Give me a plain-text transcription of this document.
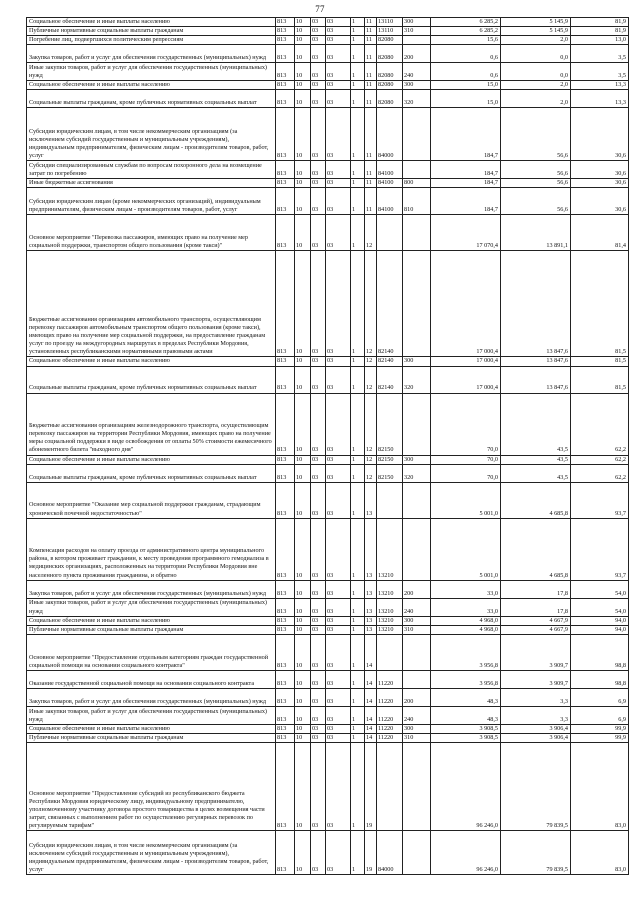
77
Социальное обеспечение и иные выплаты населению	813	10	03	03	1	11	13110	300	6 285,2	5 145,9	81,9
Публичные нормативные социальные выплаты гражданам	813	10	03	03	1	11	13110	310	6 285,2	5 145,9	81,9
Погребение лиц, подвергшихся политическим репрессиям	813	10	03	03	1	11	82080		15,6	2,0	13,0
Закупка товаров, работ и услуг для обеспечения государственных (муниципальных) нужд	813	10	03	03	1	11	82080	200	0,6	0,0	3,5
Иные закупки товаров, работ и услуг для обеспечения государственных (муниципальных) нужд	813	10	03	03	1	11	82080	240	0,6	0,0	3,5
Социальное обеспечение и иные выплаты населению	813	10	03	03	1	11	82080	300	15,0	2,0	13,3
Социальные выплаты гражданам, кроме публичных нормативных социальных выплат	813	10	03	03	1	11	82080	320	15,0	2,0	13,3
Субсидии юридическим лицам, в том числе некоммерческим организациям (за исключением субсидий государственным и муниципальным учреждениям), индивидуальным предпринимателям, физическим лицам - производителям товаров, работ, услуг	813	10	03	03	1	11	84000		184,7	56,6	30,6
Субсидии специализированным службам по вопросам похоронного дела на возмещение затрат по погребению	813	10	03	03	1	11	84100		184,7	56,6	30,6
Иные бюджетные ассигнования	813	10	03	03	1	11	84100	800	184,7	56,6	30,6
Субсидии юридическим лицам (кроме некоммерческих организаций), индивидуальным предпринимателям, физическим лицам - производителям товаров, работ, услуг	813	10	03	03	1	11	84100	810	184,7	56,6	30,6
Основное мероприятие "Перевозка пассажиров, имеющих право на получение мер социальной поддержки, транспортом общего пользования (кроме такси)"	813	10	03	03	1	12			17 070,4	13 891,1	81,4
Бюджетные ассигнования организациям автомобильного транспорта, осуществляющим перевозку пассажиров автомобильным транспортом общего пользования (кроме такси), имеющих право на получение мер социальной поддержки, на предоставление гражданам услуг по проезду на междугородных маршрутах в пределах Республики Мордовия, установленных республиканскими нормативными правовыми актами	813	10	03	03	1	12	82140		17 000,4	13 847,6	81,5
Социальное обеспечение и иные выплаты населению	813	10	03	03	1	12	82140	300	17 000,4	13 847,6	81,5
Социальные выплаты гражданам, кроме публичных нормативных социальных выплат	813	10	03	03	1	12	82140	320	17 000,4	13 847,6	81,5
Бюджетные ассигнования организациям железнодорожного транспорта, осуществляющим перевозку пассажиров на территории Республики Мордовия, имеющих право на получение меры социальной поддержки в виде освобождения от оплаты 50% стоимости ежемесячного абонементного билета "выходного дня"	813	10	03	03	1	12	82150		70,0	43,5	62,2
Социальное обеспечение и иные выплаты населению	813	10	03	03	1	12	82150	300	70,0	43,5	62,2
Социальные выплаты гражданам, кроме публичных нормативных социальных выплат	813	10	03	03	1	12	82150	320	70,0	43,5	62,2
Основное мероприятие "Оказание мер социальной поддержки гражданам, страдающим хронической почечной недостаточностью"	813	10	03	03	1	13			5 001,0	4 685,8	93,7
Компенсация расходов на оплату проезда от административного центра муниципального района, в котором проживает гражданин, к месту проведения программного гемодиализа в медицинских организациях, расположенных на территории Республики Мордовия вне населенного пункта проживания гражданина, и обратно	813	10	03	03	1	13	13210		5 001,0	4 685,8	93,7
Закупка товаров, работ и услуг для обеспечения государственных (муниципальных) нужд	813	10	03	03	1	13	13210	200	33,0	17,8	54,0
Иные закупки товаров, работ и услуг для обеспечения государственных (муниципальных) нужд	813	10	03	03	1	13	13210	240	33,0	17,8	54,0
Социальное обеспечение и иные выплаты населению	813	10	03	03	1	13	13210	300	4 968,0	4 667,9	94,0
Публичные нормативные социальные выплаты гражданам	813	10	03	03	1	13	13210	310	4 968,0	4 667,9	94,0
Основное мероприятие "Предоставление отдельным категориям граждан государственной социальной помощи на основании социального контракта"	813	10	03	03	1	14			3 956,8	3 909,7	98,8
Оказание государственной социальной помощи на основании социального контракта	813	10	03	03	1	14	11220		3 956,8	3 909,7	98,8
Закупка товаров, работ и услуг для обеспечения государственных (муниципальных) нужд	813	10	03	03	1	14	11220	200	48,3	3,3	6,9
Иные закупки товаров, работ и услуг для обеспечения государственных (муниципальных) нужд	813	10	03	03	1	14	11220	240	48,3	3,3	6,9
Социальное обеспечение и иные выплаты населению	813	10	03	03	1	14	11220	300	3 908,5	3 906,4	99,9
Публичные нормативные социальные выплаты гражданам	813	10	03	03	1	14	11220	310	3 908,5	3 906,4	99,9
Основное мероприятие "Предоставление субсидий из республиканского бюджета Республики Мордовия юридическому лицу, индивидуальному предпринимателю, уполномоченному участнику договора простого товарищества в целях возмещения части затрат, связанных с выполнением работ по осуществлению регулярных перевозок по регулируемым тарифам"	813	10	03	03	1	19			96 246,0	79 839,5	83,0
Субсидии юридическим лицам, в том числе некоммерческим организациям (за исключением субсидий государственным и муниципальным учреждениям), индивидуальным предпринимателям, физическим лицам - производителям товаров, работ, услуг	813	10	03	03	1	19	84000		96 246,0	79 839,5	83,0
